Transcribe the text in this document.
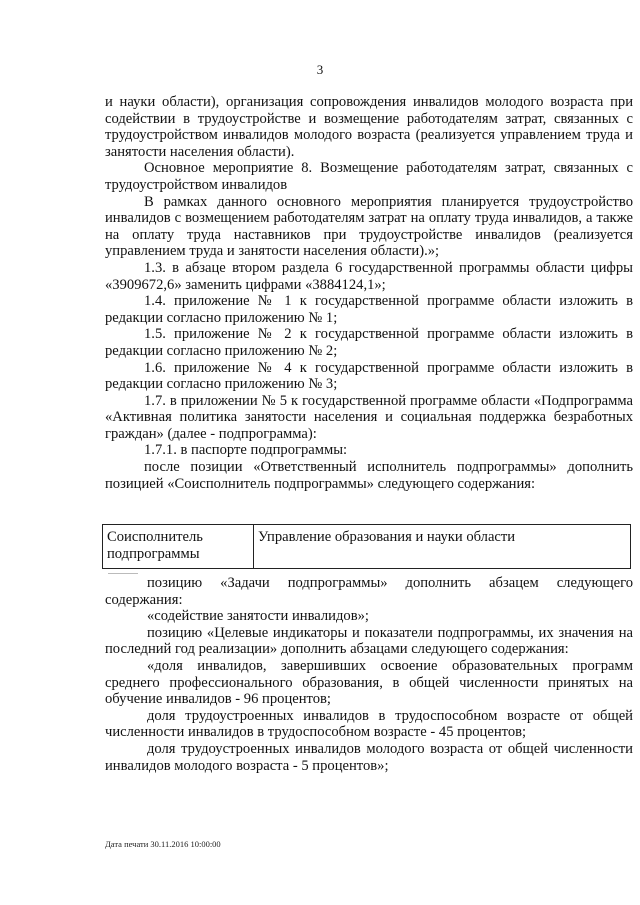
3

и науки области), организация сопровождения инвалидов молодого возраста при содействии в трудоустройстве и возмещение работодателям затрат, связанных с трудоустройством инвалидов молодого возраста (реализуется управлением труда и занятости населения области).

Основное мероприятие 8. Возмещение работодателям затрат, связанных с трудоустройством инвалидов

В рамках данного основного мероприятия планируется трудоустройство инвалидов с возмещением работодателям затрат на оплату труда инвалидов, а также на оплату труда наставников при трудоустройстве инвалидов (реализуется управлением труда и занятости населения области).»;

1.3. в абзаце втором раздела 6 государственной программы области цифры «3909672,6» заменить цифрами «3884124,1»;

1.4. приложение № 1 к государственной программе области изложить в редакции согласно приложению № 1;

1.5. приложение № 2 к государственной программе области изложить в редакции согласно приложению № 2;

1.6. приложение № 4 к государственной программе области изложить в редакции согласно приложению № 3;

1.7. в приложении № 5 к государственной программе области «Подпрограмма «Активная политика занятости населения и социальная поддержка безработных граждан» (далее - подпрограмма):

1.7.1. в паспорте подпрограммы:

после позиции «Ответственный исполнитель подпрограммы» дополнить позицией «Соисполнитель подпрограммы» следующего содержания:

Соисполнитель подпрограммы	Управление образования и науки области

позицию «Задачи подпрограммы» дополнить абзацем следующего содержания:

«содействие занятости инвалидов»;

позицию «Целевые индикаторы и показатели подпрограммы, их значения на последний год реализации» дополнить абзацами следующего содержания:

«доля инвалидов, завершивших освоение образовательных программ среднего профессионального образования, в общей численности принятых на обучение инвалидов - 96 процентов;

доля трудоустроенных инвалидов в трудоспособном возрасте от общей численности инвалидов в трудоспособном возрасте - 45 процентов;

доля трудоустроенных инвалидов молодого возраста от общей численности инвалидов молодого возраста - 5 процентов»;

Дата печати 30.11.2016 10:00:00
